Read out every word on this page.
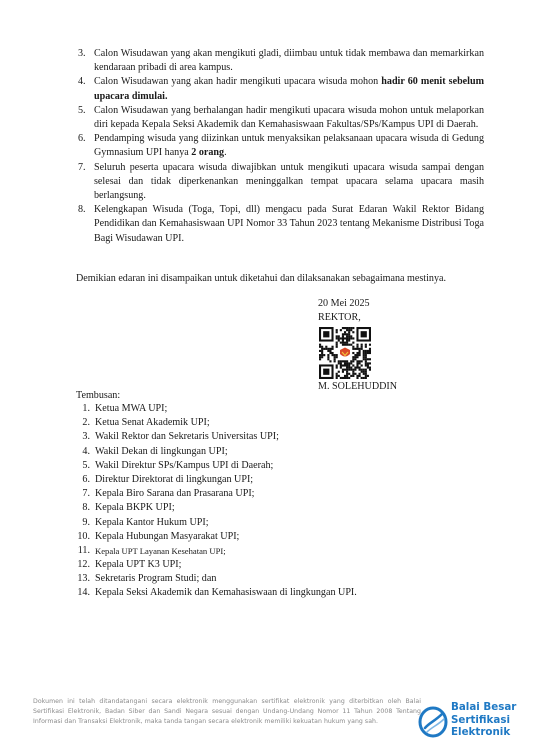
3. Calon Wisudawan yang akan mengikuti gladi, diimbau untuk tidak membawa dan memarkirkan kendaraan pribadi di area kampus.
4. Calon Wisudawan yang akan hadir mengikuti upacara wisuda mohon hadir 60 menit sebelum upacara dimulai.
5. Calon Wisudawan yang berhalangan hadir mengikuti upacara wisuda mohon untuk melaporkan diri kepada Kepala Seksi Akademik dan Kemahasiswaan Fakultas/SPs/Kampus UPI di Daerah.
6. Pendamping wisuda yang diizinkan untuk menyaksikan pelaksanaan upacara wisuda di Gedung Gymnasium UPI hanya 2 orang.
7. Seluruh peserta upacara wisuda diwajibkan untuk mengikuti upacara wisuda sampai dengan selesai dan tidak diperkenankan meninggalkan tempat upacara selama upacara masih berlangsung.
8. Kelengkapan Wisuda (Toga, Topi, dll) mengacu pada Surat Edaran Wakil Rektor Bidang Pendidikan dan Kemahasiswaan UPI Nomor 33 Tahun 2023 tentang Mekanisme Distribusi Toga Bagi Wisudawan UPI.

Demikian edaran ini disampaikan untuk diketahui dan dilaksanakan sebagaimana mestinya.

20 Mei 2025
REKTOR,
M. SOLEHUDDIN
Tembusan:
1. Ketua MWA UPI;
2. Ketua Senat Akademik UPI;
3. Wakil Rektor dan Sekretaris Universitas UPI;
4. Wakil Dekan di lingkungan UPI;
5. Wakil Direktur SPs/Kampus UPI di Daerah;
6. Direktur Direktorat di lingkungan UPI;
7. Kepala Biro Sarana dan Prasarana UPI;
8. Kepala BKPK UPI;
9. Kepala Kantor Hukum UPI;
10. Kepala Hubungan Masyarakat UPI;
11. Kepala UPT Layanan Kesehatan UPI;
12. Kepala UPT K3 UPI;
13. Sekretaris Program Studi; dan
14. Kepala Seksi Akademik dan Kemahasiswaan di lingkungan UPI.

Dokumen ini telah ditandatangani secara elektronik menggunakan sertifikat elektronik yang diterbitkan oleh Balai Sertifikasi Elektronik, Badan Siber dan Sandi Negara sesuai dengan Undang-Undang Nomor 11 Tahun 2008 Tentang Informasi dan Transaksi Elektronik, maka tanda tangan secara elektronik memiliki kekuatan hukum yang sah.

Balai Besar
Sertifikasi
Elektronik
